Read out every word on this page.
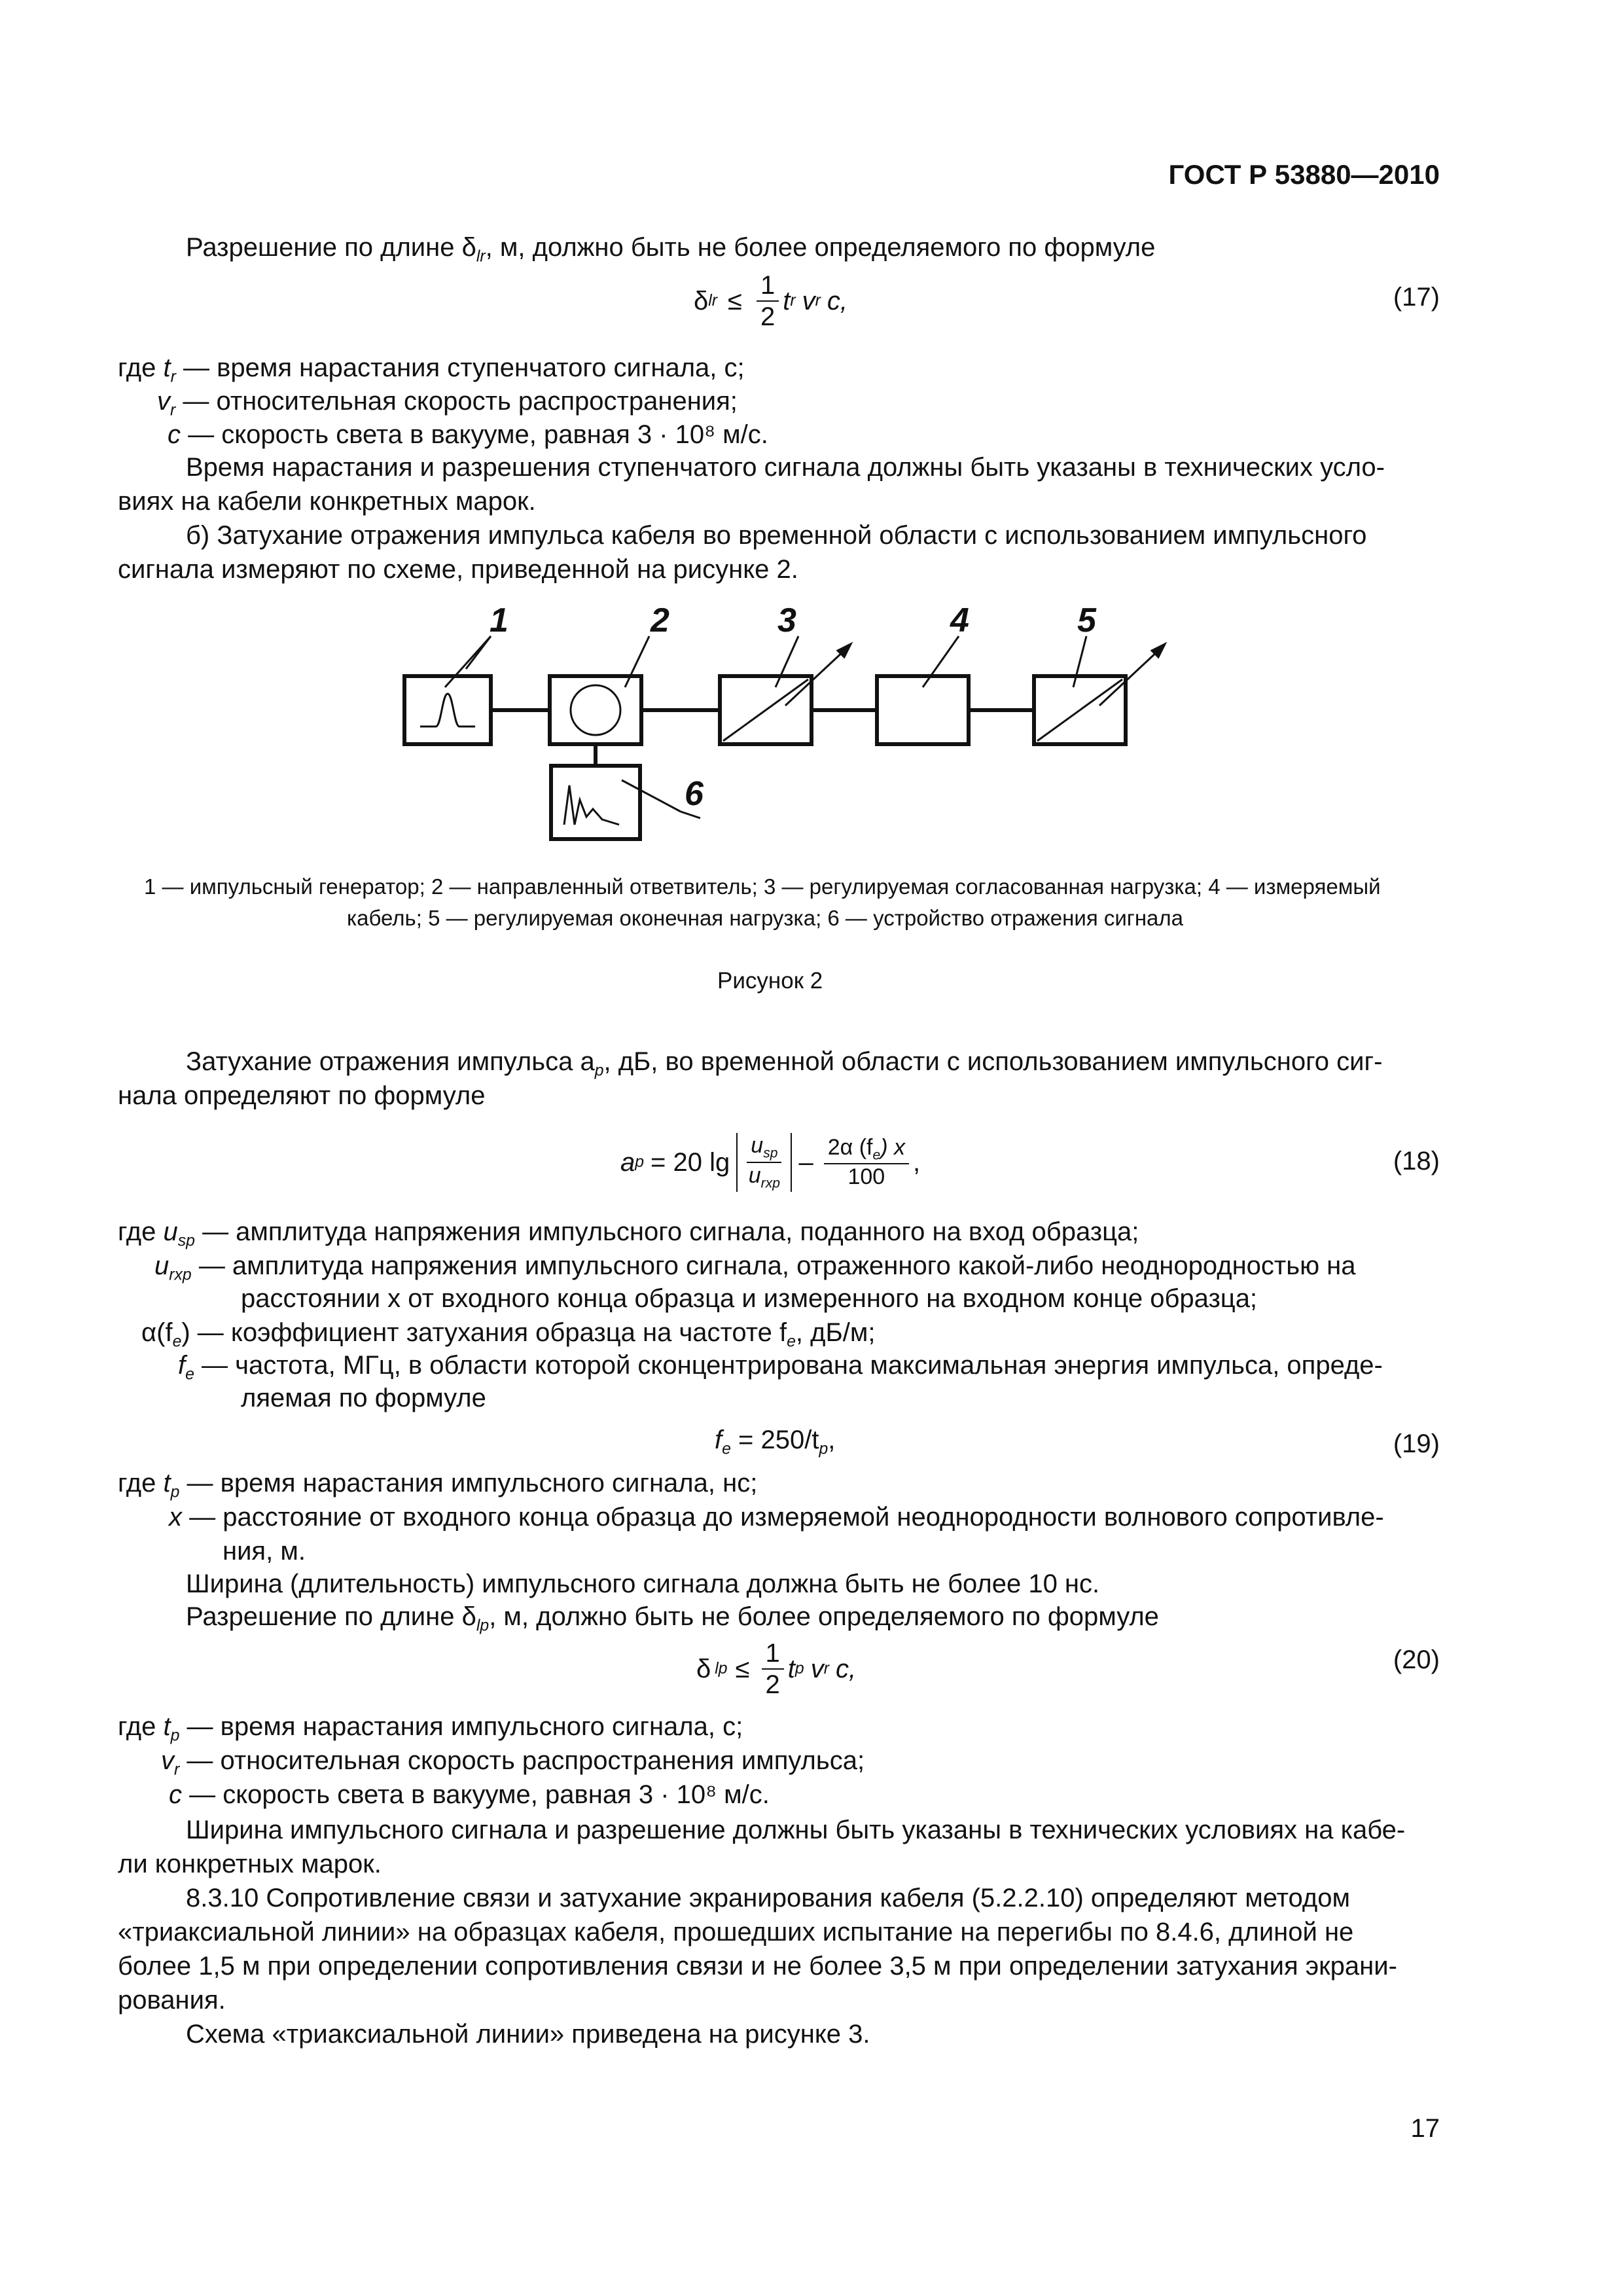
ГОСТ Р 53880—2010
Разрешение по длине $\delta_{lr}$, м, должно быть не более определяемого по формуле
δ lr ≤ $\frac{1}{2}$ t r v r c,	(17)
где $t_r$ — время нарастания ступенчатого сигнала, с;
$v_r$ — относительная скорость распространения;
c — скорость света в вакууме, равная 3 · 10⁸ м/с.
Время нарастания и разрешения ступенчатого сигнала должны быть указаны в технических усло-
виях на кабели конкретных марок.
б) Затухание отражения импульса кабеля во временной области с использованием импульсного
сигнала измеряют по схеме, приведенной на рисунке 2.
1	2	3	4	5
6
1 — импульсный генератор; 2 — направленный ответвитель; 3 — регулируемая согласованная нагрузка; 4 — измеряемый
кабель; 5 — регулируемая оконечная нагрузка; 6 — устройство отражения сигнала
Рисунок 2
Затухание отражения импульса $a_p$, дБ, во временной области с использованием импульсного сиг-
нала определяют по формуле
a p = 20 $\lg \frac{u_{sp}}{u_{rxp}} - \frac{2\alpha (f_e) x}{100}$ ,	(18)
где $u_{sp}$ — амплитуда напряжения импульсного сигнала, поданного на вход образца;
$u_{rxp}$ — амплитуда напряжения импульсного сигнала, отраженного какой-либо неоднородностью на
расстоянии x от входного конца образца и измеренного на входном конце образца;
$\alpha(f_e)$ — коэффициент затухания образца на частоте $f_e$, дБ/м;
$f_e$ — частота, МГц, в области которой сконцентрирована максимальная энергия импульса, опреде-
ляемая по формуле
$f_e = 250/t_p$,	(19)
где $t_p$ — время нарастания импульсного сигнала, нс;
x — расстояние от входного конца образца до измеряемой неоднородности волнового сопротивле-
ния, м.
Ширина (длительность) импульсного сигнала должна быть не более 10 нс.
Разрешение по длине $\delta_{lp}$, м, должно быть не более определяемого по формуле
δ lp ≤ $\frac{1}{2}$ t p v r c,	(20)
где $t_p$ — время нарастания импульсного сигнала, с;
$v_r$ — относительная скорость распространения импульса;
c — скорость света в вакууме, равная 3 · 10⁸ м/с.
Ширина импульсного сигнала и разрешение должны быть указаны в технических условиях на кабе-
ли конкретных марок.
8.3.10 Сопротивление связи и затухание экранирования кабеля (5.2.2.10) определяют методом
«триаксиальной линии» на образцах кабеля, прошедших испытание на перегибы по 8.4.6, длиной не
более 1,5 м при определении сопротивления связи и не более 3,5 м при определении затухания экрани-
рования.
Схема «триаксиальной линии» приведена на рисунке 3.
17
